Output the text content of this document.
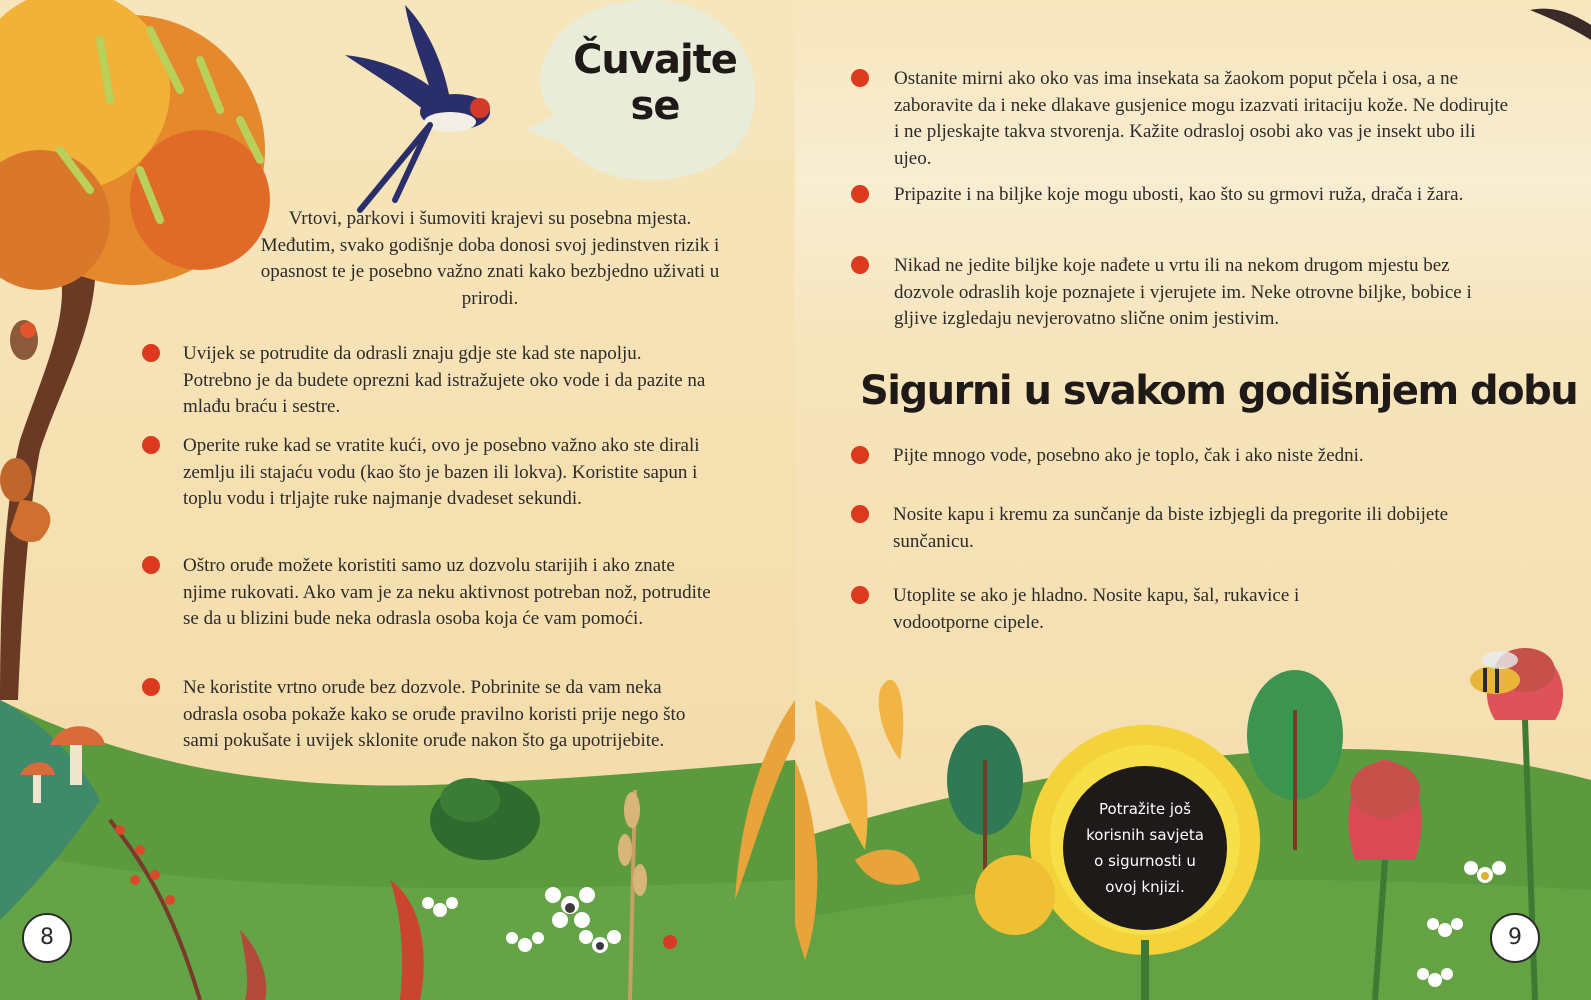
Čuvajte se
Vrtovi, parkovi i šumoviti krajevi su posebna mjesta. Međutim, svako godišnje doba donosi svoj jedinstven rizik i opasnost te je posebno važno znati kako bezbjedno uživati u prirodi.
Uvijek se potrudite da odrasli znaju gdje ste kad ste napolju. Potrebno je da budete oprezni kad istražujete oko vode i da pazite na mlađu braću i sestre.
Operite ruke kad se vratite kući, ovo je posebno važno ako ste dirali zemlju ili stajaću vodu (kao što je bazen ili lokva). Koristite sapun i toplu vodu i trljajte ruke najmanje dvadeset sekundi.
Oštro oruđe možete koristiti samo uz dozvolu starijih i ako znate njime rukovati. Ako vam je za neku aktivnost potreban nož, potrudite se da u blizini bude neka odrasla osoba koja će vam pomoći.
Ne koristite vrtno oruđe bez dozvole. Pobrinite se da vam neka odrasla osoba pokaže kako se oruđe pravilno koristi prije nego što sami pokušate i uvijek sklonite oruđe nakon što ga upotrijebite.
8	9
Ostanite mirni ako oko vas ima insekata sa žaokom poput pčela i osa, a ne zaboravite da i neke dlakave gusjenice mogu izazvati iritaciju kože. Ne dodirujte i ne pljeskajte takva stvorenja. Kažite odrasloj osobi ako vas je insekt ubo ili ujeo.
Pripazite i na biljke koje mogu ubosti, kao što su grmovi ruža, drača i žara.
Nikad ne jedite biljke koje nađete u vrtu ili na nekom drugom mjestu bez dozvole odraslih koje poznajete i vjerujete im. Neke otrovne biljke, bobice i gljive izgledaju nevjerovatno slične onim jestivim.
Sigurni u svakom godišnjem dobu
Pijte mnogo vode, posebno ako je toplo, čak i ako niste žedni.
Nosite kapu i kremu za sunčanje da biste izbjegli da pregorite ili dobijete sunčanicu.
Utoplite se ako je hladno. Nosite kapu, šal, rukavice i vodootporne cipele.
Potražite još korisnih savjeta o sigurnosti u ovoj knjizi.
